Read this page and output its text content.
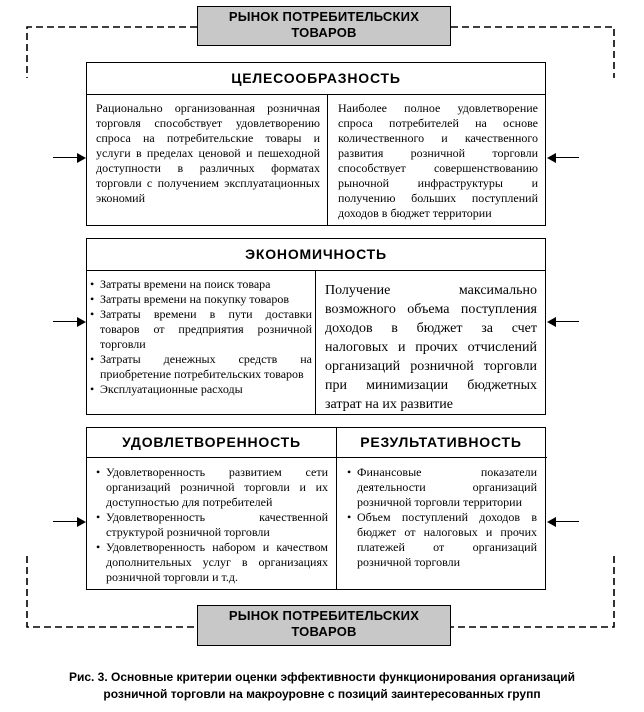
РЫНОК ПОТРЕБИТЕЛЬСКИХ
ТОВАРОВ
ЦЕЛЕСООБРАЗНОСТЬ
Рационально организованная розничная торговля способствует удовлетворению спроса на потребительские товары и услуги в пределах ценовой и пешеходной доступности в различных форматах торговли с получением эксплуатационных экономий
Наиболее полное удовлетворение спроса потребителей на основе количественного и качественного развития розничной торговли способствует совершенствованию рыночной инфраструктуры и получению больших поступлений доходов в бюджет территории
ЭКОНОМИЧНОСТЬ
• Затраты времени на поиск товара
• Затраты времени на покупку товаров
• Затраты времени в пути доставки товаров от предприятия розничной торговли
• Затраты денежных средств на приобретение потребительских товаров
• Эксплуатационные расходы
Получение максимально возможного объема поступления доходов в бюджет за счет налоговых и прочих отчислений организаций розничной торговли при минимизации бюджетных затрат на их развитие
УДОВЛЕТВОРЕННОСТЬ
• Удовлетворенность развитием сети организаций розничной торговли и их доступностью для потребителей
• Удовлетворенность качественной структурой розничной торговли
• Удовлетворенность набором и качеством дополнительных услуг в организациях розничной торговли и т.д.
РЕЗУЛЬТАТИВНОСТЬ
• Финансовые показатели деятельности организаций розничной торговли территории
• Объем поступлений доходов в бюджет от налоговых и прочих платежей от организаций розничной торговли
РЫНОК ПОТРЕБИТЕЛЬСКИХ
ТОВАРОВ
Рис. 3. Основные критерии оценки эффективности функционирования организаций
розничной торговли на макроуровне с позиций заинтересованных групп
